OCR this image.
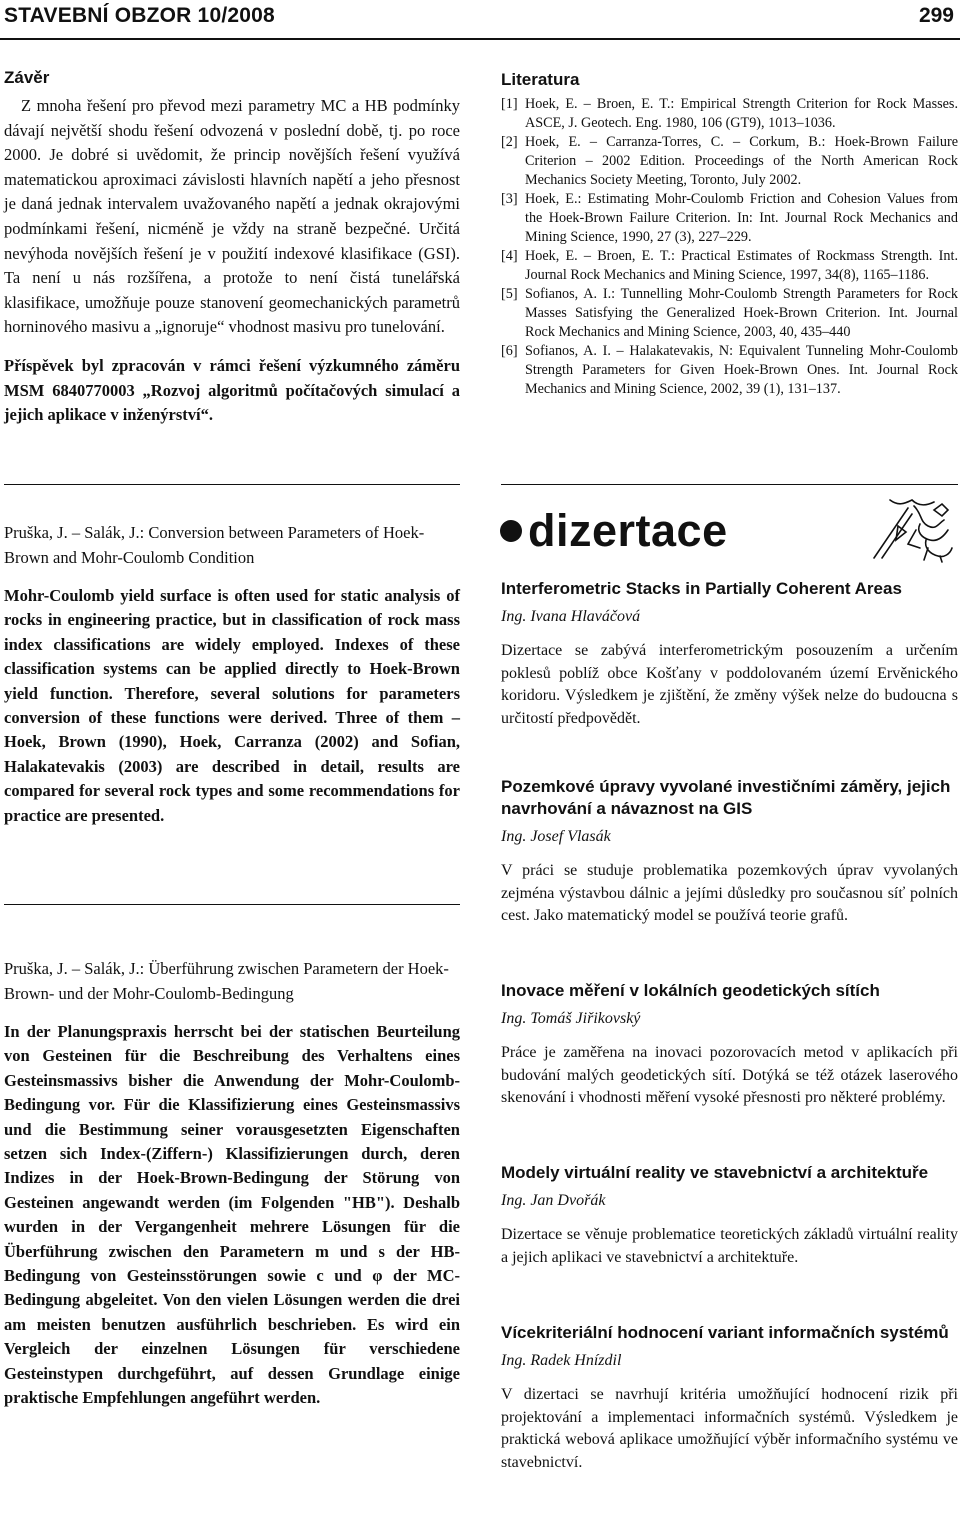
STAVEBNÍ OBZOR 10/2008	299
Závěr

Z mnoha řešení pro převod mezi parametry MC a HB podmínky dávají největší shodu řešení odvozená v poslední době, tj. po roce 2000. Je dobré si uvědomit, že princip novějších řešení využívá matematickou aproximaci závislosti hlavních napětí a jeho přesnost je daná jednak intervalem uvažovaného napětí a jednak okrajovými podmínkami řešení, nicméně je vždy na straně bezpečné. Určitá nevýhoda novějších řešení je v použití indexové klasifikace (GSI). Ta není u nás rozšířena, a protože to není čistá tunelářská klasifikace, umožňuje pouze stanovení geomechanických parametrů horninového masivu a „ignoruje“ vhodnost masivu pro tunelování.

Příspěvek byl zpracován v rámci řešení výzkumného záměru MSM 6840770003 „Rozvoj algoritmů počítačových simulací a jejich aplikace v inženýrství“.

Literatura
[1] Hoek, E. – Broen, E. T.: Empirical Strength Criterion for Rock Masses. ASCE, J. Geotech. Eng. 1980, 106 (GT9), 1013–1036.
[2] Hoek, E. – Carranza-Torres, C. – Corkum, B.: Hoek-Brown Failure Criterion – 2002 Edition. Proceedings of the North American Rock Mechanics Society Meeting, Toronto, July 2002.
[3] Hoek, E.: Estimating Mohr-Coulomb Friction and Cohesion Values from the Hoek-Brown Failure Criterion. In: Int. Journal Rock Mechanics and Mining Science, 1990, 27 (3), 227–229.
[4] Hoek, E. – Broen, E. T.: Practical Estimates of Rockmass Strength. Int. Journal Rock Mechanics and Mining Science, 1997, 34(8), 1165–1186.
[5] Sofianos, A. I.: Tunnelling Mohr-Coulomb Strength Parameters for Rock Masses Satisfying the Generalized Hoek-Brown Criterion. Int. Journal Rock Mechanics and Mining Science, 2003, 40, 435–440
[6] Sofianos, A. I. – Halakatevakis, N: Equivalent Tunneling Mohr-Coulomb Strength Parameters for Given Hoek-Brown Ones. Int. Journal Rock Mechanics and Mining Science, 2002, 39 (1), 131–137.

Pruška, J. – Salák, J.: Conversion between Parameters of Hoek-Brown and Mohr-Coulomb Condition

Mohr-Coulomb yield surface is often used for static analysis of rocks in engineering practice, but in classification of rock mass index classifications are widely employed. Indexes of these classification systems can be applied directly to Hoek-Brown yield function. Therefore, several solutions for parameters conversion of these functions were derived. Three of them – Hoek, Brown (1990), Hoek, Carranza (2002) and Sofian, Halakatevakis (2003) are described in detail, results are compared for several rock types and some recommendations for practice are presented.

Pruška, J. – Salák, J.: Überführung zwischen Parametern der Hoek-Brown- und der Mohr-Coulomb-Bedingung

In der Planungspraxis herrscht bei der statischen Beurteilung von Gesteinen für die Beschreibung des Verhaltens eines Gesteinsmassivs bisher die Anwendung der Mohr-Coulomb-Bedingung vor. Für die Klassifizierung eines Gesteinsmassivs und die Bestimmung seiner vorausgesetzten Eigenschaften setzen sich Index-(Ziffern-) Klassifizierungen durch, deren Indizes in der Hoek-Brown-Bedingung der Störung von Gesteinen angewandt werden (im Folgenden "HB"). Deshalb wurden in der Vergangenheit mehrere Lösungen für die Überführung zwischen den Parametern m und s der HB-Bedingung von Gesteinsstörungen sowie c und φ der MC-Bedingung abgeleitet. Von den vielen Lösungen werden die drei am meisten benutzen ausführlich beschrieben. Es wird ein Vergleich der einzelnen Lösungen für verschiedene Gesteinstypen durchgeführt, auf dessen Grundlage einige praktische Empfehlungen angeführt werden.

dizertace
Interferometric Stacks in Partially Coherent Areas
Ing. Ivana Hlaváčová

Dizertace se zabývá interferometrickým posouzením a určením poklesů poblíž obce Košťany v poddolovaném území Ervěnického koridoru. Výsledkem je zjištění, že změny výšek nelze do budoucna s určitostí předpovědět.

Pozemkové úpravy vyvolané investičními záměry, jejich navrhování a návaznost na GIS
Ing. Josef Vlasák

V práci se studuje problematika pozemkových úprav vyvolaných zejména výstavbou dálnic a jejími důsledky pro současnou síť polních cest. Jako matematický model se používá teorie grafů.

Inovace měření v lokálních geodetických sítích
Ing. Tomáš Jiřikovský

Práce je zaměřena na inovaci pozorovacích metod v aplikacích při budování malých geodetických sítí. Dotýká se též otázek laserového skenování i vhodnosti měření vysoké přesnosti pro některé problémy.

Modely virtuální reality ve stavebnictví a architektuře
Ing. Jan Dvořák

Dizertace se věnuje problematice teoretických základů virtuální reality a jejich aplikaci ve stavebnictví a architektuře.

Vícekriteriální hodnocení variant informačních systémů
Ing. Radek Hnízdil

V dizertaci se navrhují kritéria umožňující hodnocení rizik při projektování a implementaci informačních systémů. Výsledkem je praktická webová aplikace umožňující výběr informačního systému ve stavebnictví.
